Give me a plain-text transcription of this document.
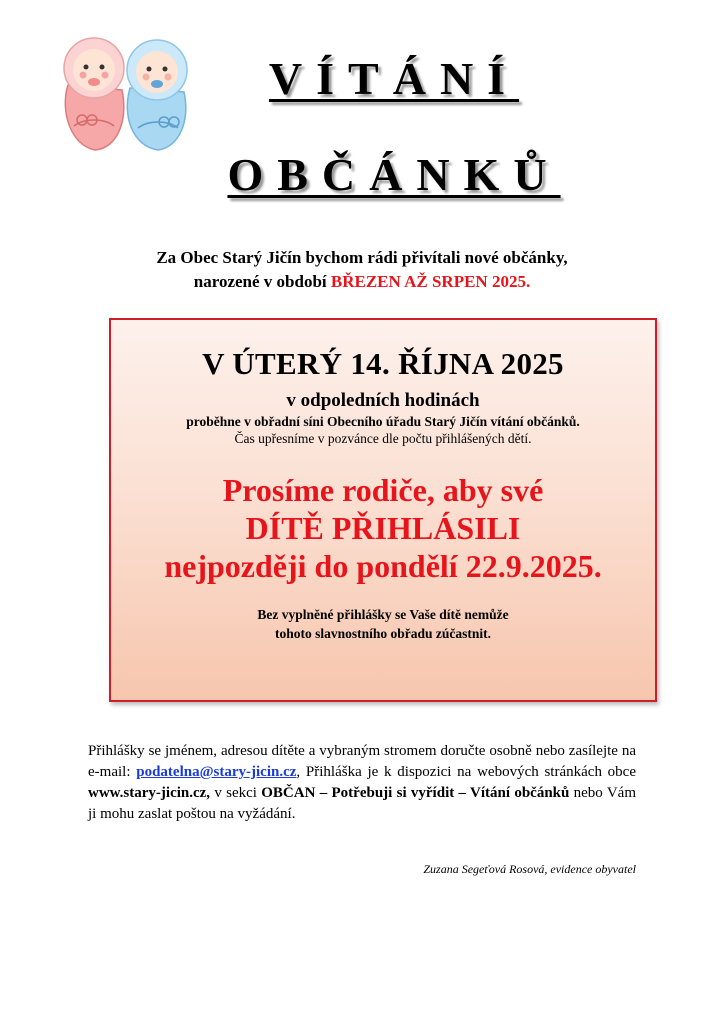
VÍTÁNÍ
OBČÁNKŮ
Za Obec Starý Jičín bychom rádi přivítali nové občánky,
narozené v období BŘEZEN AŽ SRPEN 2025.
V ÚTERÝ 14. ŘÍJNA 2025
v odpoledních hodinách
proběhne v obřadní síni Obecního úřadu Starý Jičín vítání občánků.
Čas upřesníme v pozvánce dle počtu přihlášených dětí.
Prosíme rodiče, aby své
DÍTĚ PŘIHLÁSILI
nejpozději do pondělí 22.9.2025.
Bez vyplněné přihlášky se Vaše dítě nemůže
tohoto slavnostního obřadu zúčastnit.
Přihlášky se jménem, adresou dítěte a vybraným stromem doručte osobně nebo zasílejte na e-mail: podatelna@stary-jicin.cz, Přihláška je k dispozici na webových stránkách obce www.stary-jicin.cz, v sekci OBČAN – Potřebuji si vyřídit – Vítání občánků nebo Vám ji mohu zaslat poštou na vyžádání.
Zuzana Segeťová Rosová, evidence obyvatel
